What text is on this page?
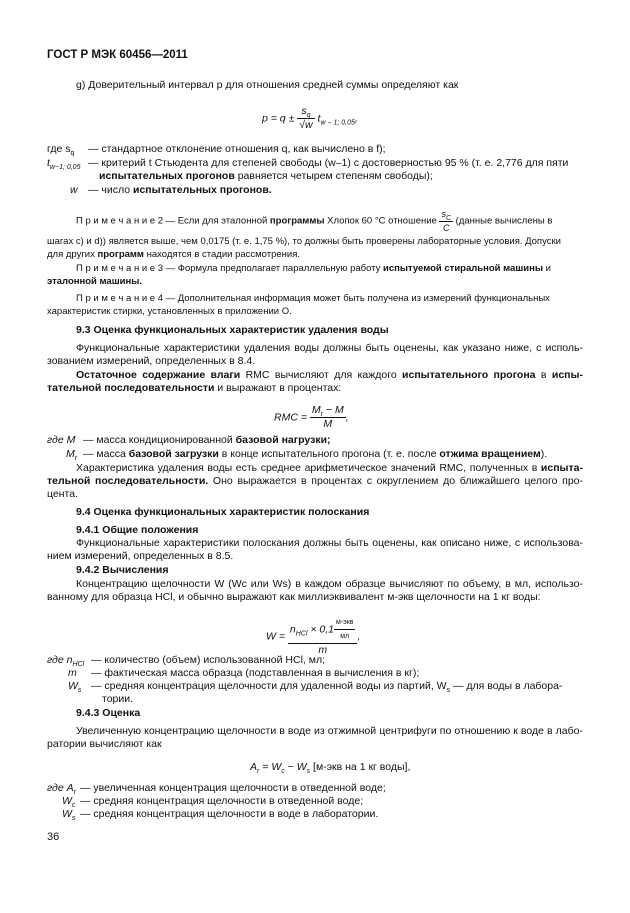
ГОСТ Р МЭК 60456—2011
g) Доверительный интервал p для отношения средней суммы определяют как
$p = q \pm \frac{s_q}{√w} t_{w - 1; 0,05}$,
где $s_q$ — стандартное отклонение отношения q, как вычислено в f);
$t_{w-1; 0,05}$ — критерий t Стьюдента для степеней свободы (w–1) с достоверностью 95 % (т. е. 2,776 для пяти
испытательных прогонов равняется четырем степеням свободы);
w — число испытательных прогонов.
П р и м е ч а н и е 2 — Если для эталонной программы Хлопок 60 °С отношение $\frac{s_C}{C}$ (данные вычислены в
шагах с) и d)) является выше, чем 0,0175 (т. е. 1,75 %), то должны быть проверены лабораторные условия. Допуски
для других программ находятся в стадии рассмотрения.
П р и м е ч а н и е 3 — Формула предполагает параллельную работу испытуемой стиральной машины и
эталонной машины.
П р и м е ч а н и е 4 — Дополнительная информация может быть получена из измерений функциональных
характеристик стирки, установленных в приложении О.
9.3 Оценка функциональных характеристик удаления воды
Функциональные характеристики удаления воды должны быть оценены, как указано ниже, с исполь-зованием измерений, определенных в 8.4.
Остаточное содержание влаги RMC вычисляют для каждого испытательного прогона в испы-тательной последовательности и выражают в процентах:
RMC = $\frac{M_r - M}{M}$ ,
где M — масса кондиционированной базовой нагрузки;
$M_r$ — масса базовой загрузки в конце испытательного прогона (т. е. после отжима вращением).
Характеристика удаления воды есть среднее арифметическое значений RMC, полученных в испыта-тельной последовательности. Оно выражается в процентах с округлением до ближайшего целого про-цента.
9.4 Оценка функциональных характеристик полоскания
9.4.1 Общие положения
Функциональные характеристики полоскания должны быть оценены, как описано ниже, с использова-нием измерений, определенных в 8.5.
9.4.2 Вычисления
Концентрацию щелочности W (Wc или Ws) в каждом образце вычисляют по объему, в мл, использо-ванному для образца HCl, и обычно выражают как миллиэквивалент м-экв щелочности на 1 кг воды:
$W = \frac{n_{HCl} \times 0,1 \frac{\text{м-экв}}{мл}}{m}$ ,
где $n_{HCl}$ — количество (объем) использованной HCl, мл;
m — фактическая масса образца (подставленная в вычисления в кг);
$W_s$ — средняя концентрация щелочности для удаленной воды из партий, $W_s$ — для воды в лабора-
тории.
9.4.3 Оценка
Увеличенную концентрацию щелочности в воде из отжимной центрифуги по отношению к воде в лабо-ратории вычисляют как
$A_r = W_c - W_s$ [м-экв на 1 кг воды],
где $A_r$ — увеличенная концентрация щелочности в отведенной воде;
$W_c$ — средняя концентрация щелочности в отведенной воде;
$W_s$ — средняя концентрация щелочности в воде в лаборатории.
36
